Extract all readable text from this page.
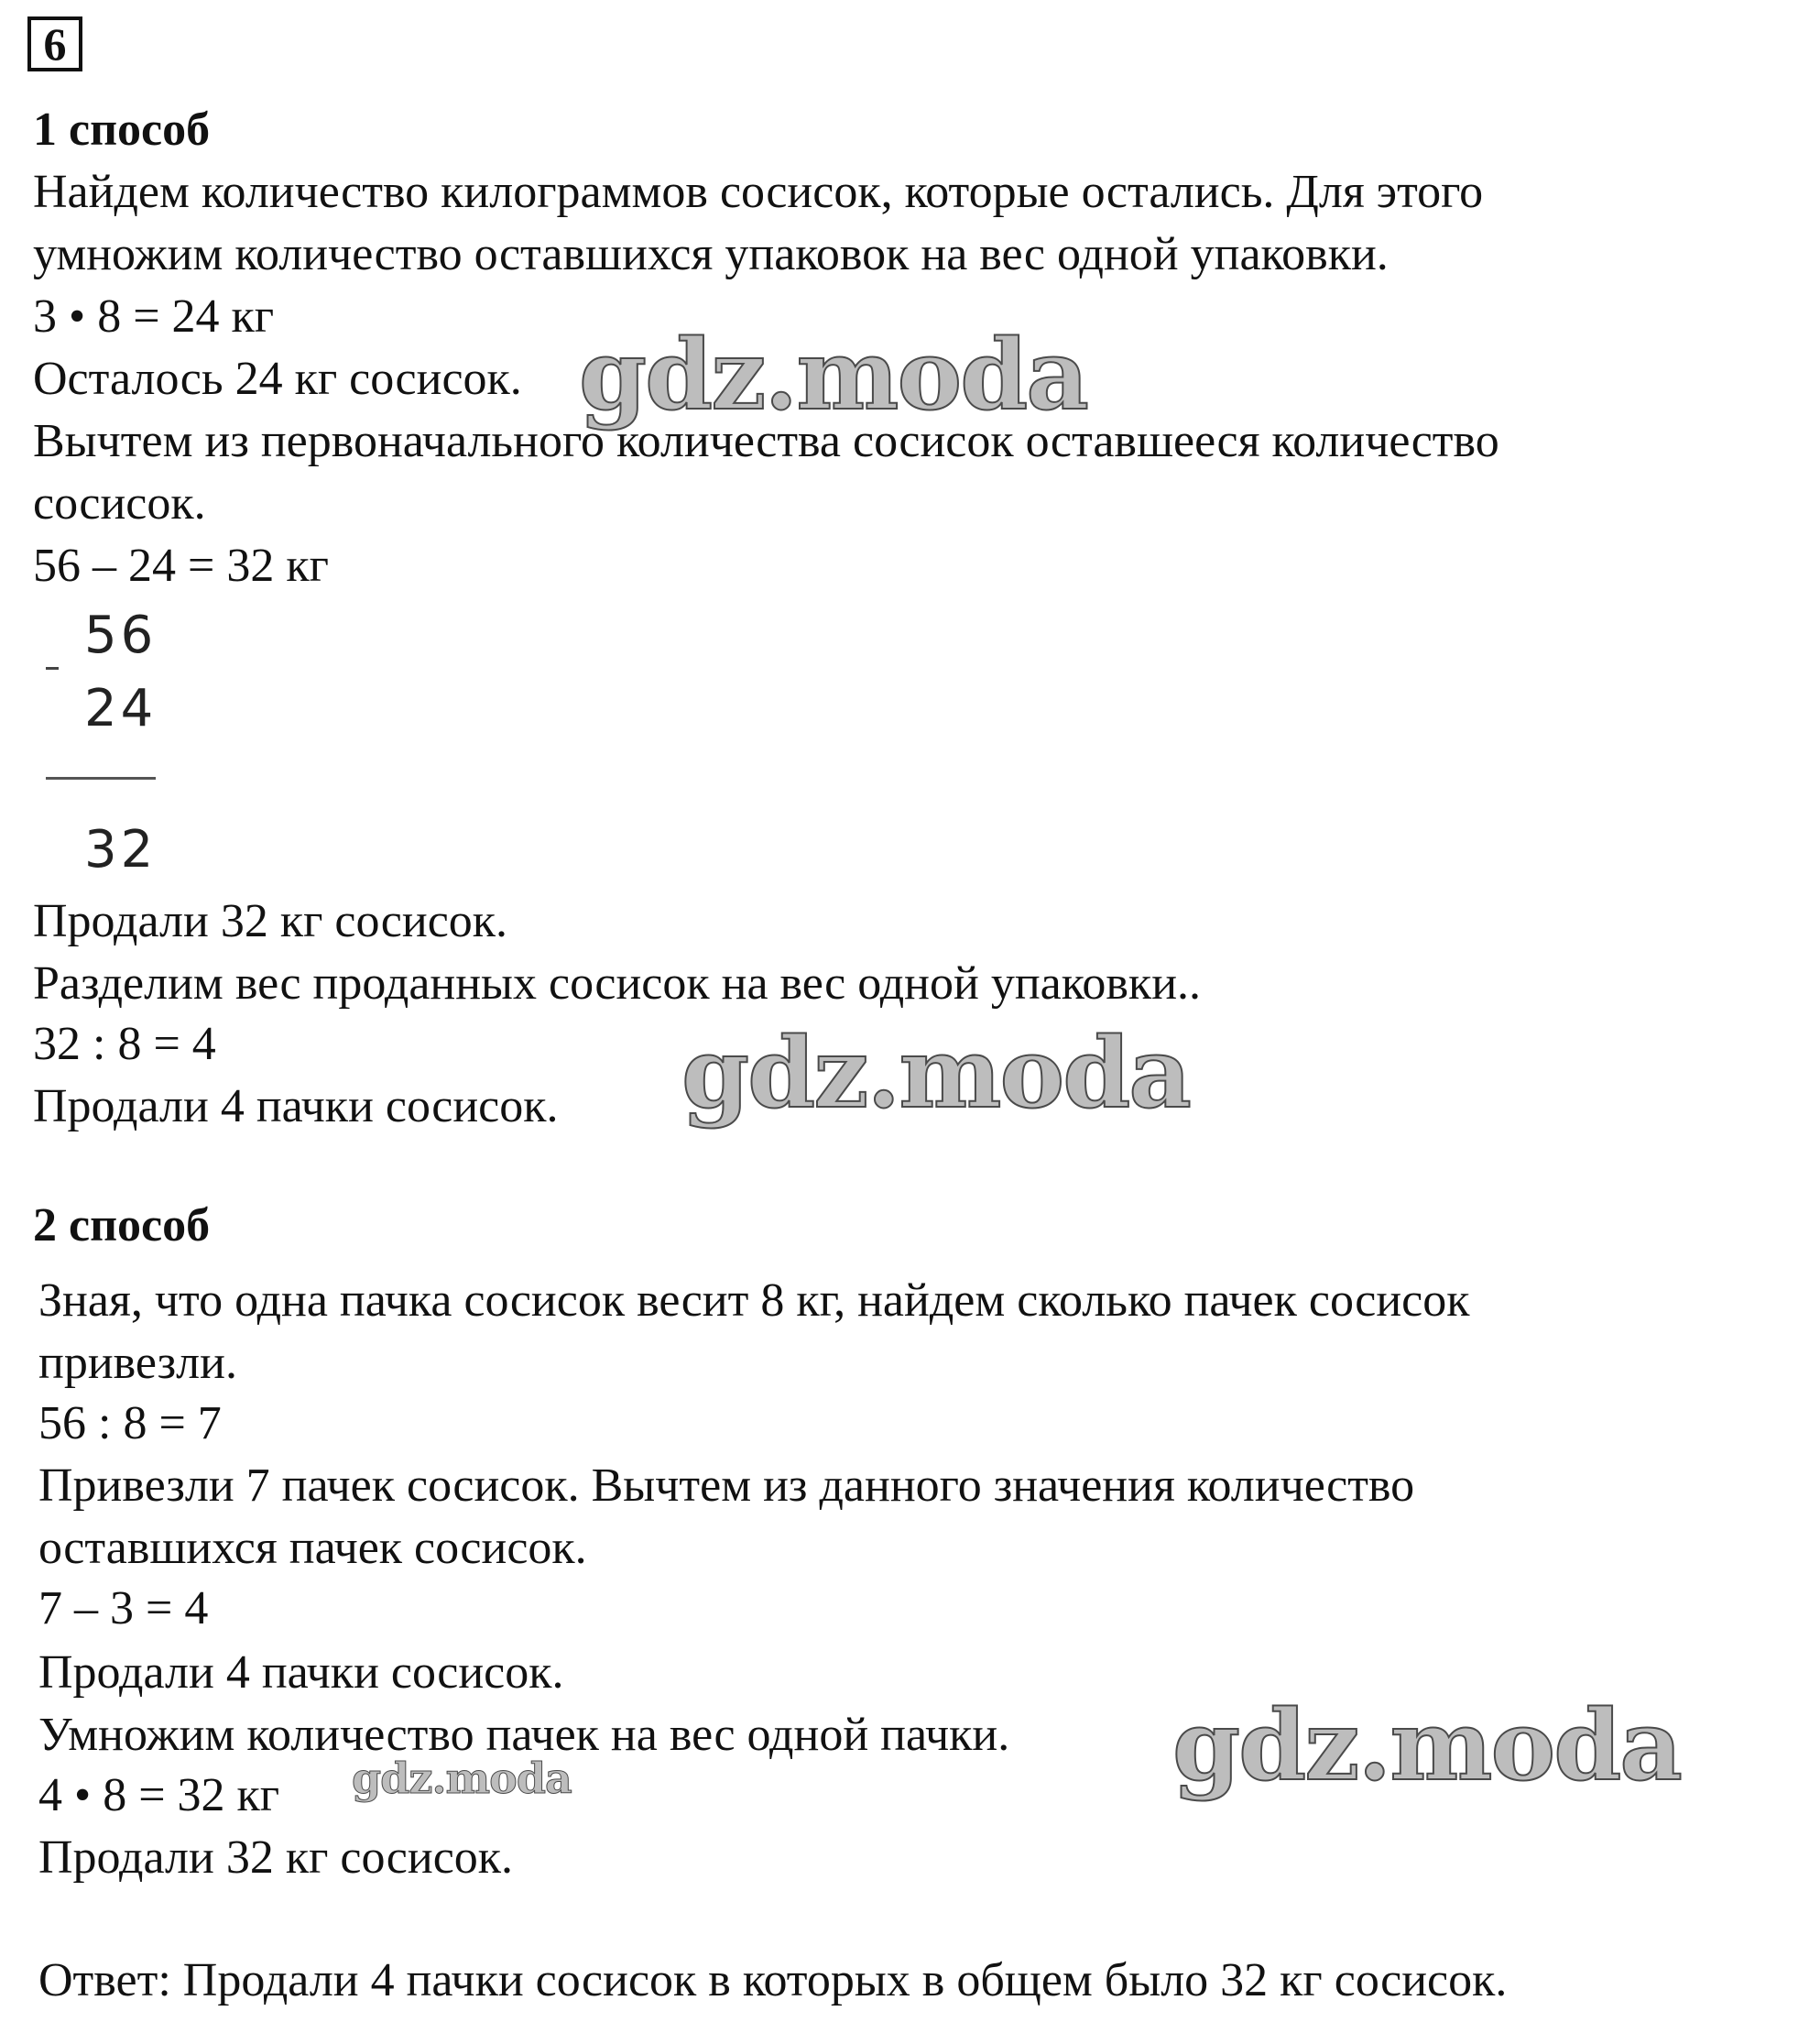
6
1 способ
Найдем количество килограммов сосисок, которые остались. Для этого
умножим количество оставшихся упаковок на вес одной упаковки.
3 • 8 = 24 кг
Осталось 24 кг сосисок.
Вычтем из первоначального количества сосисок оставшееся количество
сосисок.
56 – 24 = 32 кг
56
24
32
Продали 32 кг сосисок.
Разделим вес проданных сосисок на вес одной упаковки..
32 : 8 = 4
Продали 4 пачки сосисок.
2 способ
Зная, что одна пачка сосисок весит 8 кг, найдем сколько пачек сосисок
привезли.
56 : 8 = 7
Привезли 7 пачек сосисок. Вычтем из данного значения количество
оставшихся пачек сосисок.
7 – 3 = 4
Продали 4 пачки сосисок.
Умножим количество пачек на вес одной пачки.
4 • 8 = 32 кг
Продали 32 кг сосисок.
Ответ: Продали 4 пачки сосисок в которых в общем было 32 кг сосисок.
gdz.moda
gdz.moda
gdz.moda
gdz.moda
